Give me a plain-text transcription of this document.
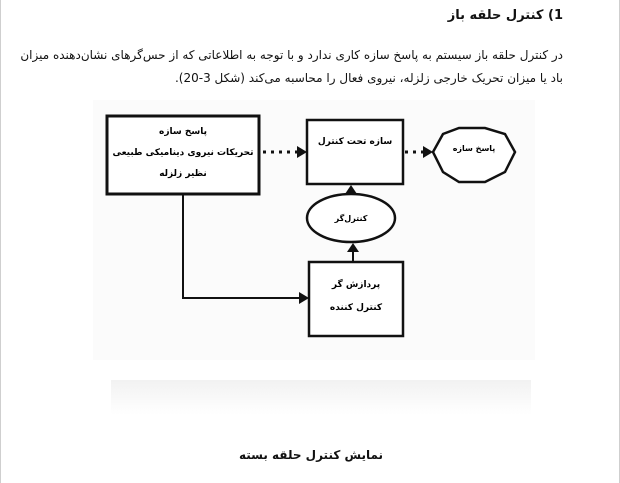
1) کنترل حلقه باز
در کنترل حلقه باز سیستم به پاسخ سازه کاری ندارد و با توجه به اطلاعاتی که از حس‌گرهای نشان‌دهنده میزان
باد یا میزان تحریک خارجی زلزله، نیروی فعال را محاسبه می‌کند (شکل 3-20).
پاسخ سازه
تحریکات نیروی دینامیکی طبیعی
نظیر زلزله
سازه تحت کنترل
پاسخ سازه
کنترل‌گر
پردازش گر
کنترل کننده
نمایش کنترل حلقه بسته
